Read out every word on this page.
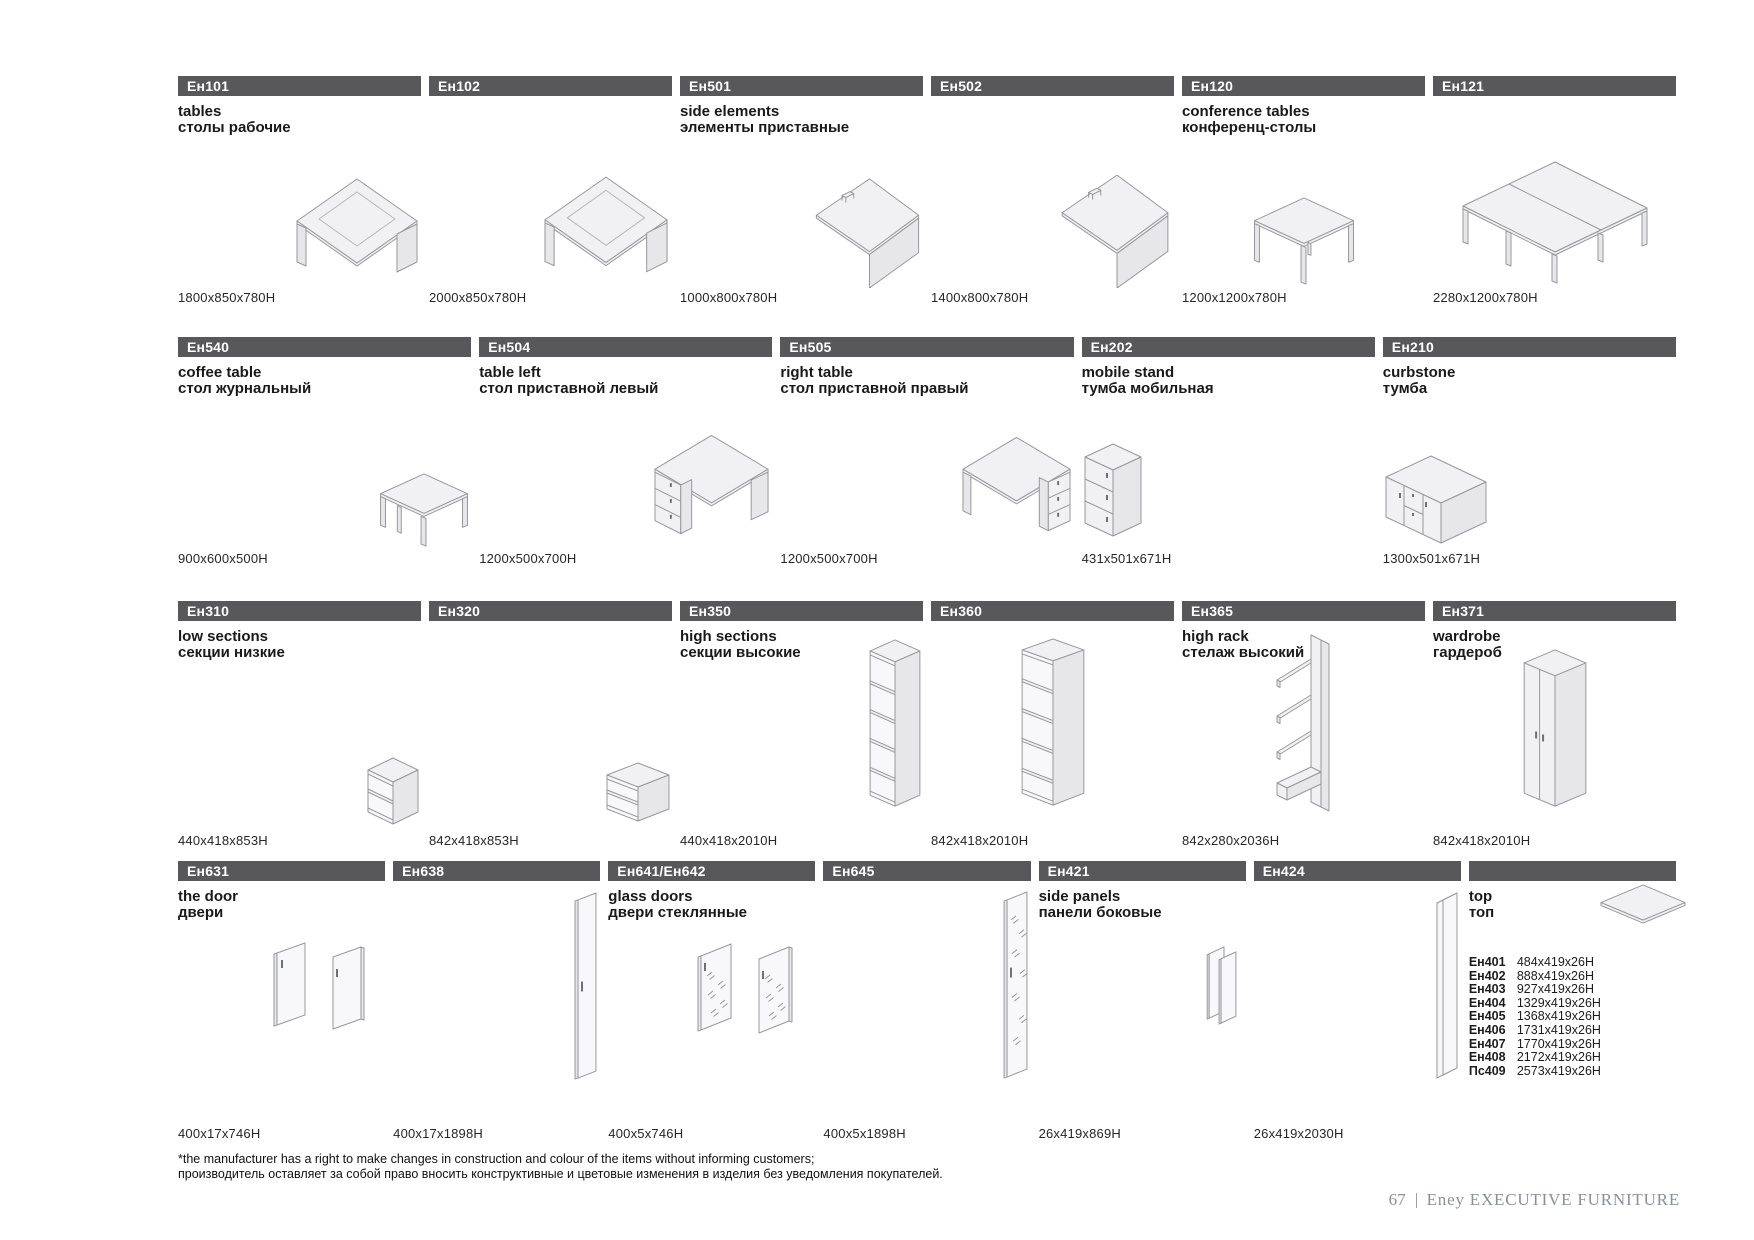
Ен101
tables
столы рабочие
1800x850x780H
Ен102
2000x850x780H
Ен501
side elements
элементы приставные
1000x800x780H
Ен502
1400x800x780H
Ен120
conference tables
конференц-столы
1200x1200x780H
Ен121
2280x1200x780H
Ен540
coffee table
стол журнальный
900x600x500H
Ен504
table left
стол приставной левый
1200x500x700H
Ен505
right table
стол приставной правый
1200x500x700H
Ен202
mobile stand
тумба мобильная
431x501x671H
Ен210
curbstone
тумба
1300x501x671H
Ен310
low sections
секции низкие
440x418x853H
Ен320
842x418x853H
Ен350
high sections
секции высокие
440x418x2010H
Ен360
842x418x2010H
Ен365
high rack
стелаж высокий
842x280x2036H
Ен371
wardrobe
гардероб
842x418x2010H
Ен631
the door
двери
400x17x746H
Ен638
400x17x1898H
Ен641/Ен642
glass doors
двери стеклянные
400x5x746H
Ен645
400x5x1898H
Ен421
side panels
панели боковые
26x419x869H
Ен424
26x419x2030H
top
топ
Ен401 484x419x26H
Ен402 888x419x26H
Ен403 927x419x26H
Ен404 1329x419x26H
Ен405 1368x419x26H
Ен406 1731x419x26H
Ен407 1770x419x26H
Ен408 2172x419x26H
Пс409 2573x419x26H
*the manufacturer has a right to make changes in construction and colour of the items without informing customers;
производитель оставляет за собой право вносить конструктивные и цветовые изменения в изделия без уведомления покупателей.
67 Eney EXECUTIVE FURNITURE
